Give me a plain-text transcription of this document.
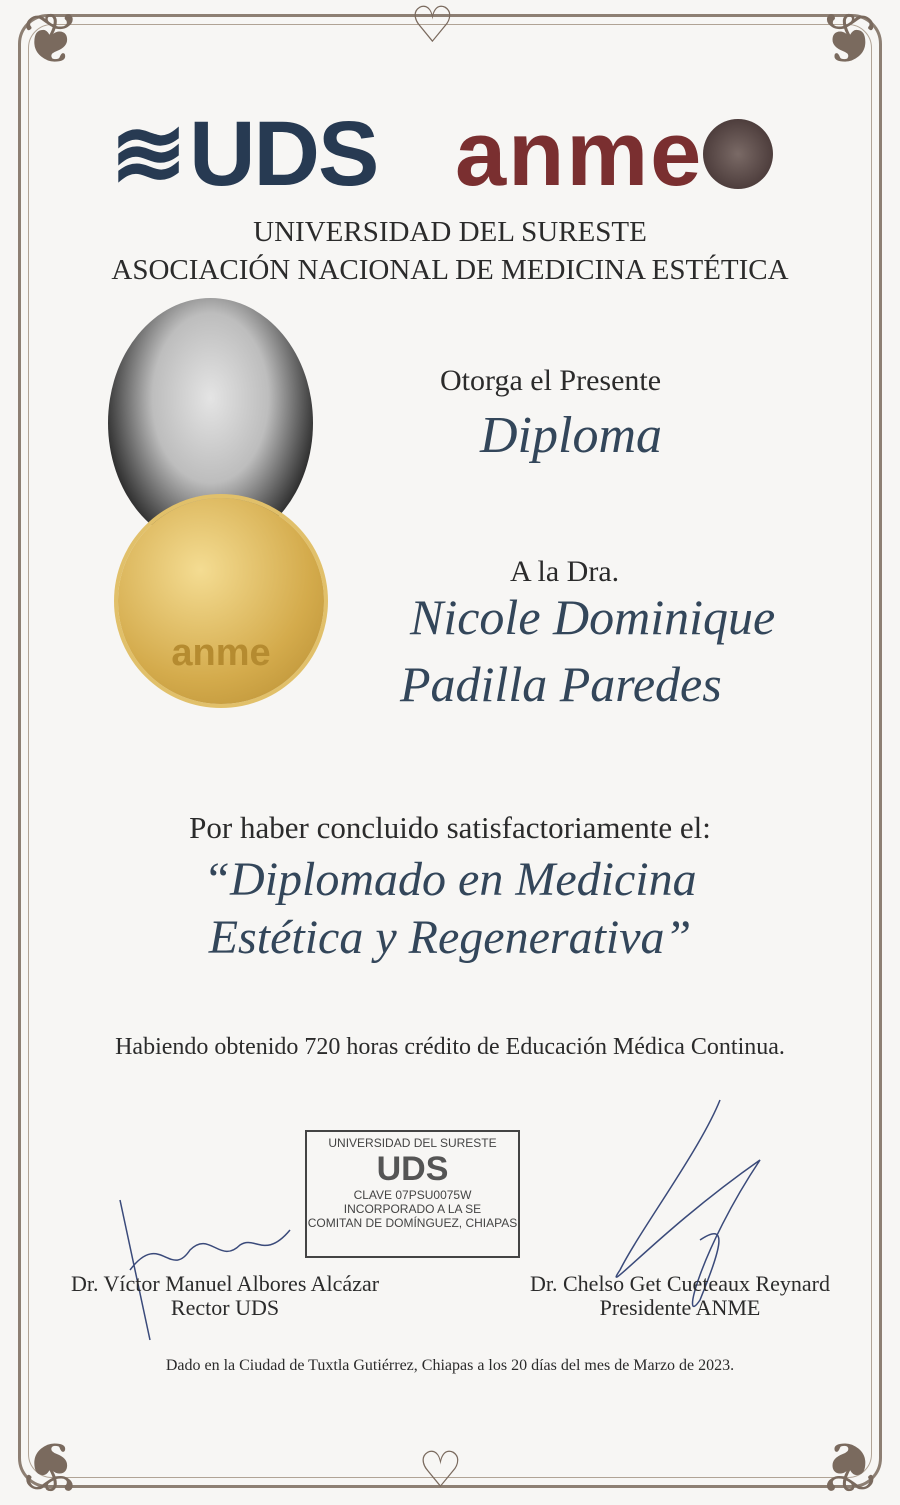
❦	❦
❦	❦
♡
♡
≋UDS anme
UNIVERSIDAD DEL SURESTE
ASOCIACIÓN NACIONAL DE MEDICINA ESTÉTICA
anme
Otorga el Presente
Diploma
A la Dra.
Nicole Dominique
Padilla Paredes
Por haber concluido satisfactoriamente el:
“Diplomado en Medicina
Estética y Regenerativa”
Habiendo obtenido 720 horas crédito de Educación Médica Continua.
UNIVERSIDAD DEL SURESTE
UDS
CLAVE 07PSU0075W
INCORPORADO A LA SE
COMITAN DE DOMÍNGUEZ, CHIAPAS
Dr. Víctor Manuel Albores Alcázar
Rector UDS
Dr. Chelso Get Cueteaux Reynard
Presidente ANME
Dado en la Ciudad de Tuxtla Gutiérrez, Chiapas a los 20 días del mes de Marzo de 2023.
